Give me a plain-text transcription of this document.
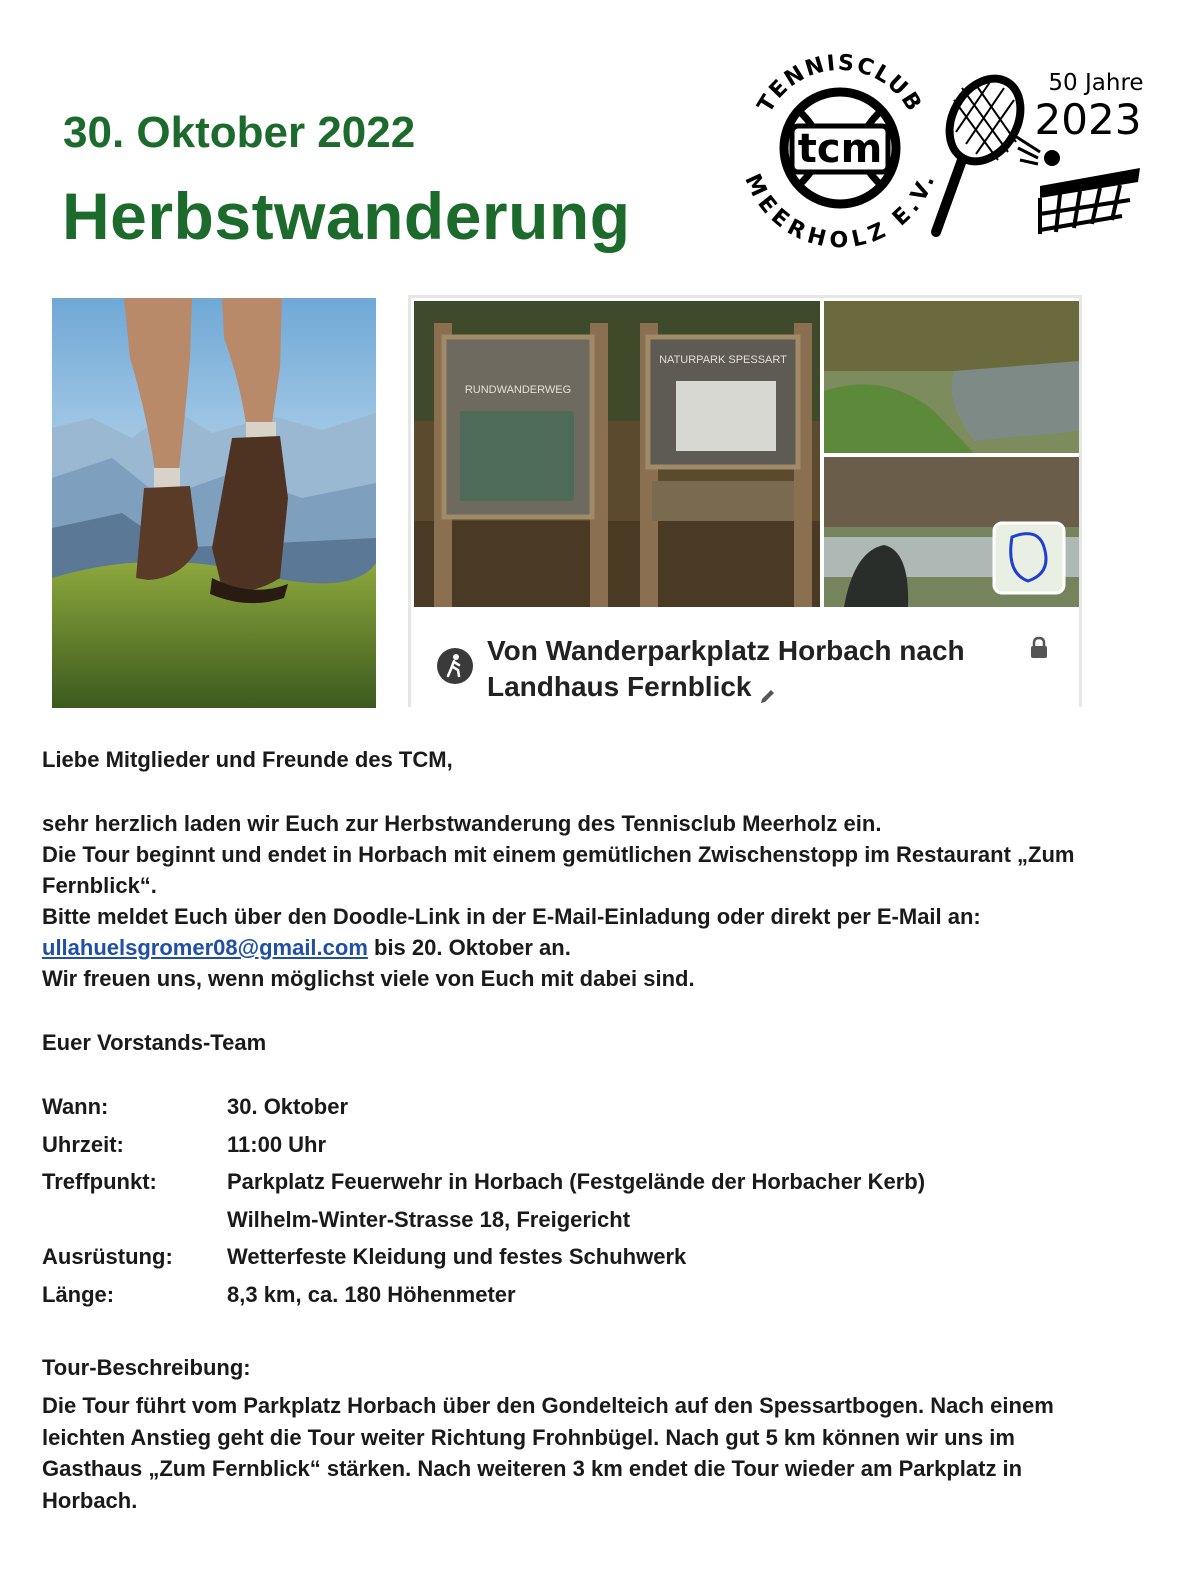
30. Oktober 2022
Herbstwanderung
tcm
TENNISCLUB
MEERHOLZ E.V.
50 Jahre
2023
RUNDWANDERWEG
NATURPARK SPESSART
Von Wanderparkplatz Horbach nach Landhaus Fernblick
Liebe Mitglieder und Freunde des TCM,
sehr herzlich laden wir Euch zur Herbstwanderung des Tennisclub Meerholz ein.
Die Tour beginnt und endet in Horbach mit einem gemütlichen Zwischenstopp im Restaurant „Zum Fernblick“.
Bitte meldet Euch über den Doodle-Link in der E-Mail-Einladung oder direkt per E-Mail an:
ullahuelsgromer08@gmail.com bis 20. Oktober an.
Wir freuen uns, wenn möglichst viele von Euch mit dabei sind.
Euer Vorstands-Team
Wann:	30. Oktober
Uhrzeit:	11:00 Uhr
Treffpunkt:	Parkplatz Feuerwehr in Horbach (Festgelände der Horbacher Kerb)
Wilhelm-Winter-Strasse 18, Freigericht
Ausrüstung:	Wetterfeste Kleidung und festes Schuhwerk
Länge:	8,3 km, ca. 180 Höhenmeter
Tour-Beschreibung:
Die Tour führt vom Parkplatz Horbach über den Gondelteich auf den Spessartbogen. Nach einem leichten Anstieg geht die Tour weiter Richtung Frohnbügel. Nach gut 5 km können wir uns im Gasthaus „Zum Fernblick“ stärken. Nach weiteren 3 km endet die Tour wieder am Parkplatz in Horbach.
